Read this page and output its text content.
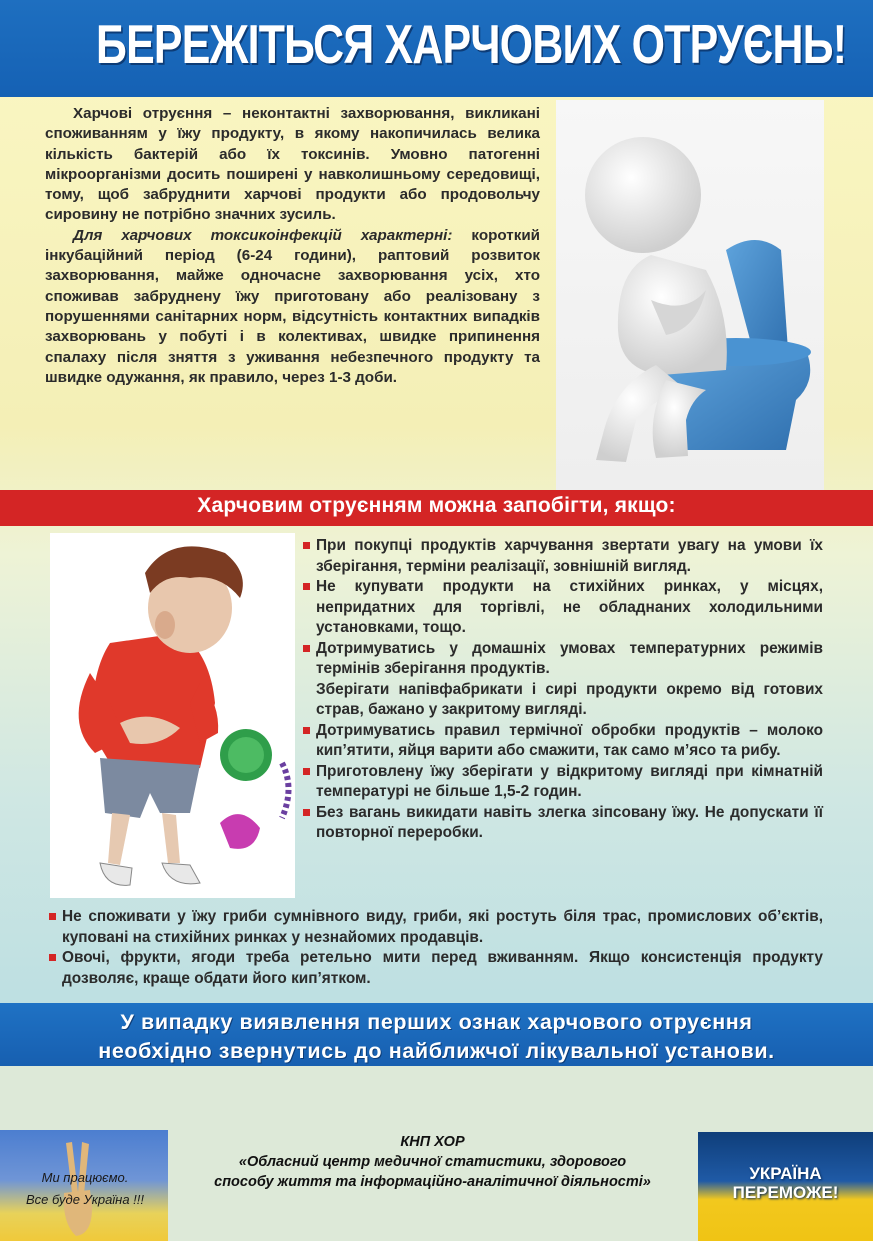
БЕРЕЖІТЬСЯ ХАРЧОВИХ ОТРУЄНЬ!

Харчові отруєння – неконтактні захворювання, викликані споживанням у їжу продукту, в якому накопичилась велика кількість бактерій або їх токсинів. Умовно патогенні мікроорганізми досить поширені у навколишньому середовищі, тому, щоб забруднити харчові продукти або продовольчу сировину не потрібно значних зусиль.

Для харчових токсикоінфекцій характерні: короткий інкубаційний період (6-24 години), раптовий розвиток захворювання, майже одночасне захворювання усіх, хто споживав забруднену їжу приготовану або реалізовану з порушеннями санітарних норм, відсутність контактних випадків захворювань у побуті і в колективах, швидке припинення спалаху після зняття з уживання небезпечного продукту та швидке одужання, як правило, через 1-3 доби.

Харчовим отруєнням можна запобігти, якщо:
При покупці продуктів харчування звертати увагу на умови їх зберігання, терміни реалізації, зовнішній вигляд.
Не купувати продукти на стихійних ринках, у місцях, непридатних для торгівлі, не обладнаних холодильними установками, тощо.
Дотримуватись у домашніх умовах температурних режимів термінів зберігання продуктів.
Зберігати напівфабрикати і сирі продукти окремо від готових страв, бажано у закритому вигляді.
Дотримуватись правил термічної обробки продуктів – молоко кип’ятити, яйця варити або смажити, так само м’ясо та рибу.
Приготовлену їжу зберігати у відкритому вигляді при кімнатній температурі не більше 1,5-2 годин.
Без вагань викидати навіть злегка зіпсовану їжу. Не допускати її повторної переробки.
Не споживати у їжу гриби сумнівного виду, гриби, які ростуть біля трас, промислових об’єктів, куповані на стихійних ринках у незнайомих продавців.
Овочі, фрукти, ягоди треба ретельно мити перед вживанням. Якщо консистенція продукту дозволяє, краще обдати його кип’ятком.
У випадку виявлення перших ознак харчового отруєння
необхідно звернутись до найближчої лікувальної установи.
Ми працюємо.
Все буде Україна !!!
КНП ХОР
«Обласний центр медичної статистики, здорового
способу життя та інформаційно-аналітичної діяльності»	УКРАЇНА
ПЕРЕМОЖЕ!
